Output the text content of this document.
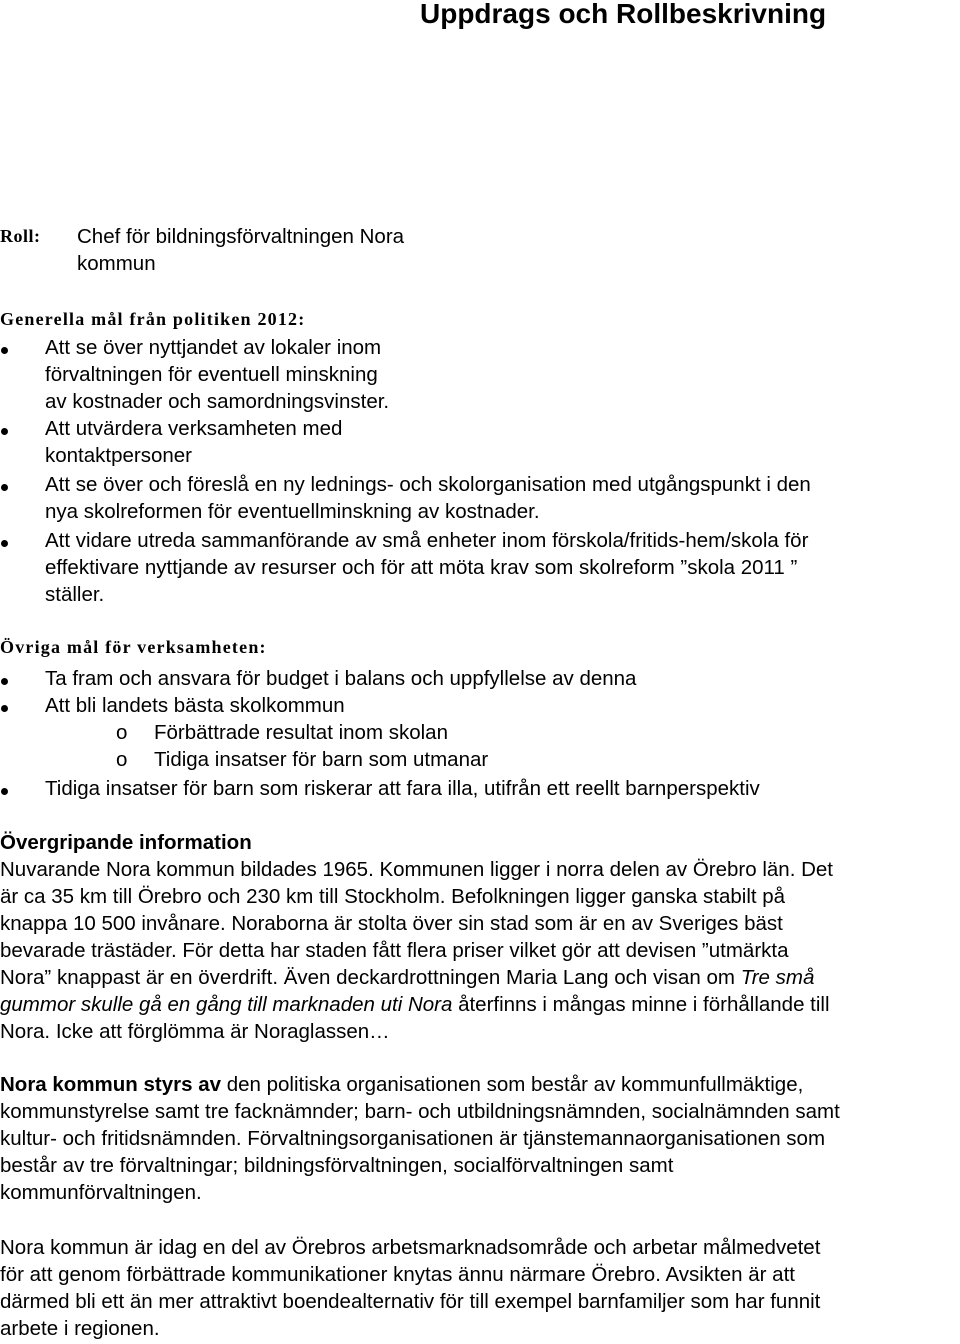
Uppdrags och Rollbeskrivning
Roll: Chef för bildningsförvaltningen Nora
kommun
Generella mål från politiken 2012:
Att se över nyttjandet av lokaler inom
förvaltningen för eventuell minskning
av kostnader och samordningsvinster.
Att utvärdera verksamheten med
kontaktpersoner
Att se över och föreslå en ny lednings- och skolorganisation med utgångspunkt i den
nya skolreformen för eventuellminskning av kostnader.
Att vidare utreda sammanförande av små enheter inom förskola/fritids-hem/skola för
effektivare nyttjande av resurser och för att möta krav som skolreform ”skola 2011 ”
ställer.
Övriga mål för verksamheten:
Ta fram och ansvara för budget i balans och uppfyllelse av denna
Att bli landets bästa skolkommun
o Förbättrade resultat inom skolan
o Tidiga insatser för barn som utmanar
Tidiga insatser för barn som riskerar att fara illa, utifrån ett reellt barnperspektiv
Övergripande information
Nuvarande Nora kommun bildades 1965. Kommunen ligger i norra delen av Örebro län. Det
är ca 35 km till Örebro och 230 km till Stockholm. Befolkningen ligger ganska stabilt på
knappa 10 500 invånare. Noraborna är stolta över sin stad som är en av Sveriges bäst
bevarade trästäder. För detta har staden fått flera priser vilket gör att devisen ”utmärkta
Nora” knappast är en överdrift. Även deckardrottningen Maria Lang och visan om Tre små
gummor skulle gå en gång till marknaden uti Nora återfinns i mångas minne i förhållande till
Nora. Icke att förglömma är Noraglassen…
Nora kommun styrs av den politiska organisationen som består av kommunfullmäktige,
kommunstyrelse samt tre facknämnder; barn- och utbildningsnämnden, socialnämnden samt
kultur- och fritidsnämnden. Förvaltningsorganisationen är tjänstemannaorganisationen som
består av tre förvaltningar; bildningsförvaltningen, socialförvaltningen samt
kommunförvaltningen.
Nora kommun är idag en del av Örebros arbetsmarknadsområde och arbetar målmedvetet
för att genom förbättrade kommunikationer knytas ännu närmare Örebro. Avsikten är att
därmed bli ett än mer attraktivt boendealternativ för till exempel barnfamiljer som har funnit
arbete i regionen.
